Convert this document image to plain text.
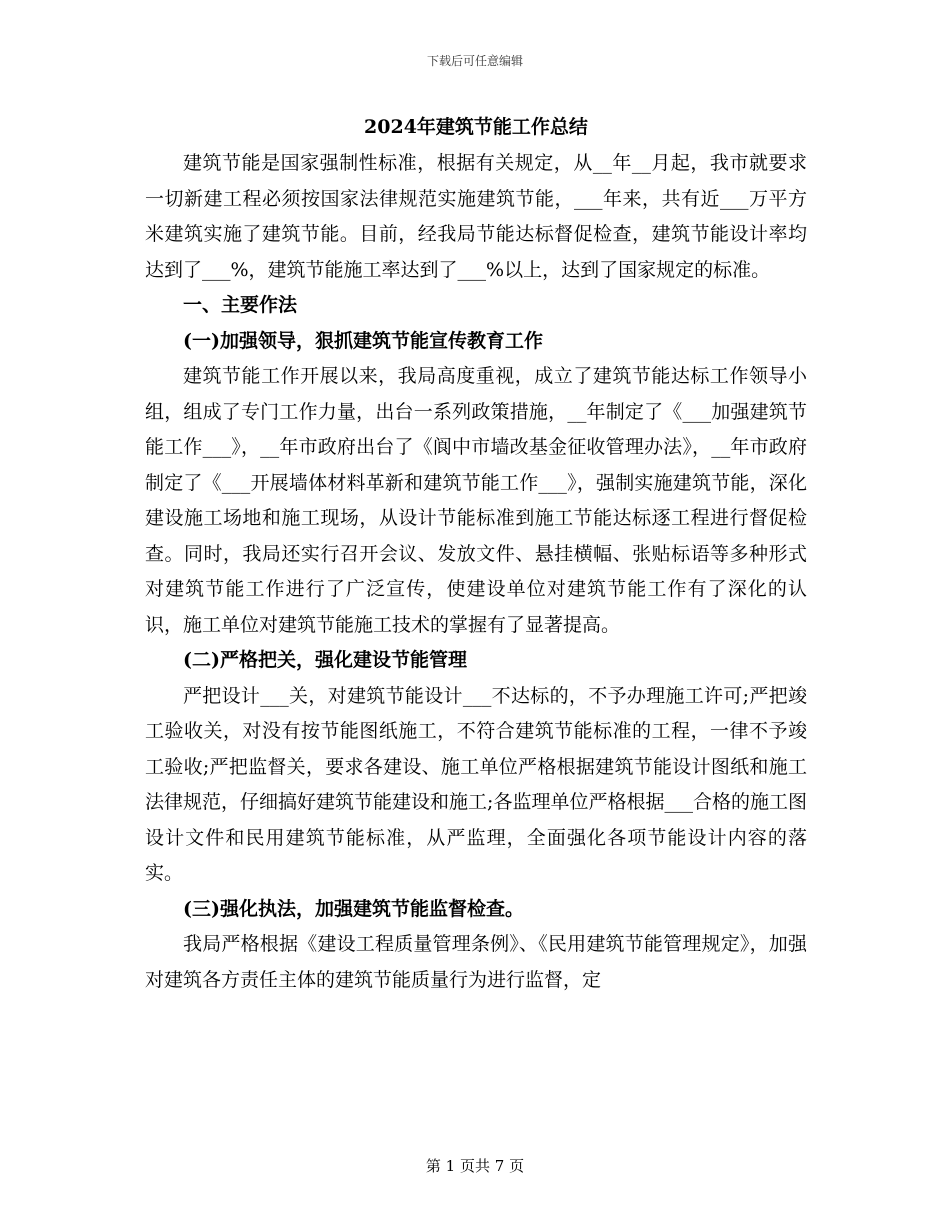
下载后可任意编辑
2024年建筑节能工作总结

建筑节能是国家强制性标准，根据有关规定，从__年__月起，我市就要求一切新建工程必须按国家法律规范实施建筑节能，___年来，共有近___万平方米建筑实施了建筑节能。目前，经我局节能达标督促检查，建筑节能设计率均达到了___%，建筑节能施工率达到了___%以上，达到了国家规定的标准。

一、主要作法

(一)加强领导，狠抓建筑节能宣传教育工作

建筑节能工作开展以来，我局高度重视，成立了建筑节能达标工作领导小组，组成了专门工作力量，出台一系列政策措施，__年制定了《___加强建筑节能工作___》，__年市政府出台了《阆中市墙改基金征收管理办法》，__年市政府制定了《___开展墙体材料革新和建筑节能工作___》，强制实施建筑节能，深化建设施工场地和施工现场，从设计节能标准到施工节能达标逐工程进行督促检查。同时，我局还实行召开会议、发放文件、悬挂横幅、张贴标语等多种形式对建筑节能工作进行了广泛宣传，使建设单位对建筑节能工作有了深化的认识，施工单位对建筑节能施工技术的掌握有了显著提高。

(二)严格把关，强化建设节能管理

严把设计___关，对建筑节能设计___不达标的，不予办理施工许可;严把竣工验收关，对没有按节能图纸施工，不符合建筑节能标准的工程，一律不予竣工验收;严把监督关，要求各建设、施工单位严格根据建筑节能设计图纸和施工法律规范，仔细搞好建筑节能建设和施工;各监理单位严格根据___合格的施工图设计文件和民用建筑节能标准，从严监理，全面强化各项节能设计内容的落实。

(三)强化执法，加强建筑节能监督检查。

我局严格根据《建设工程质量管理条例》、《民用建筑节能管理规定》，加强对建筑各方责任主体的建筑节能质量行为进行监督，定

第 1 页共 7 页
